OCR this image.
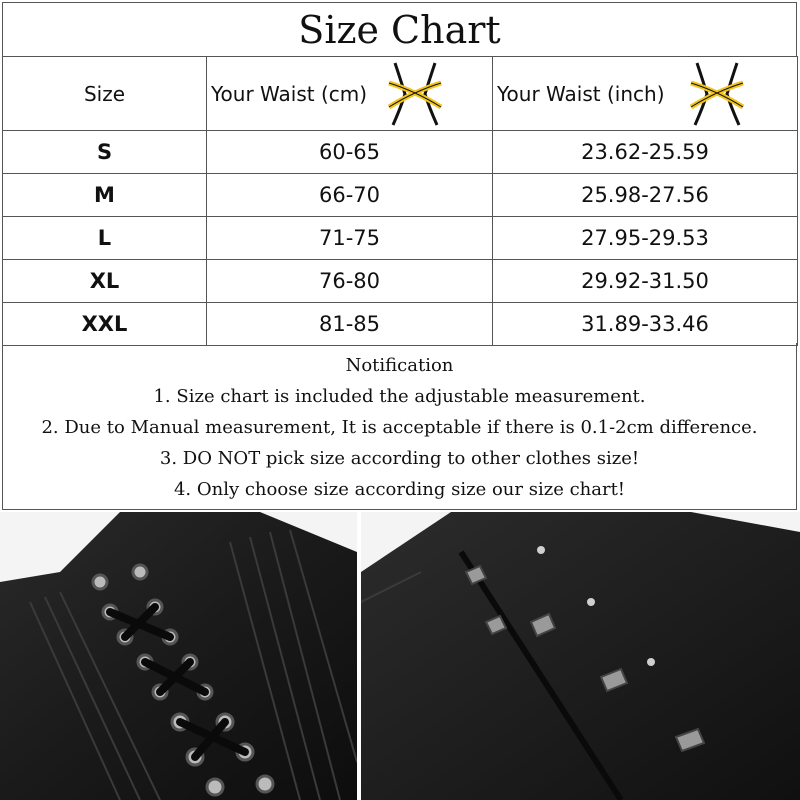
Size Chart
Size	Your Waist (cm)	Your Waist (inch)

S	60-65	23.62-25.59
M	66-70	25.98-27.56
L	71-75	27.95-29.53
XL	76-80	29.92-31.50
XXL	81-85	31.89-33.46
Notification
1. Size chart is included the adjustable measurement.
2. Due to Manual measurement, It is acceptable if there is 0.1-2cm difference.
3. DO NOT pick size according to other clothes size!
4. Only choose size according size our size chart!
